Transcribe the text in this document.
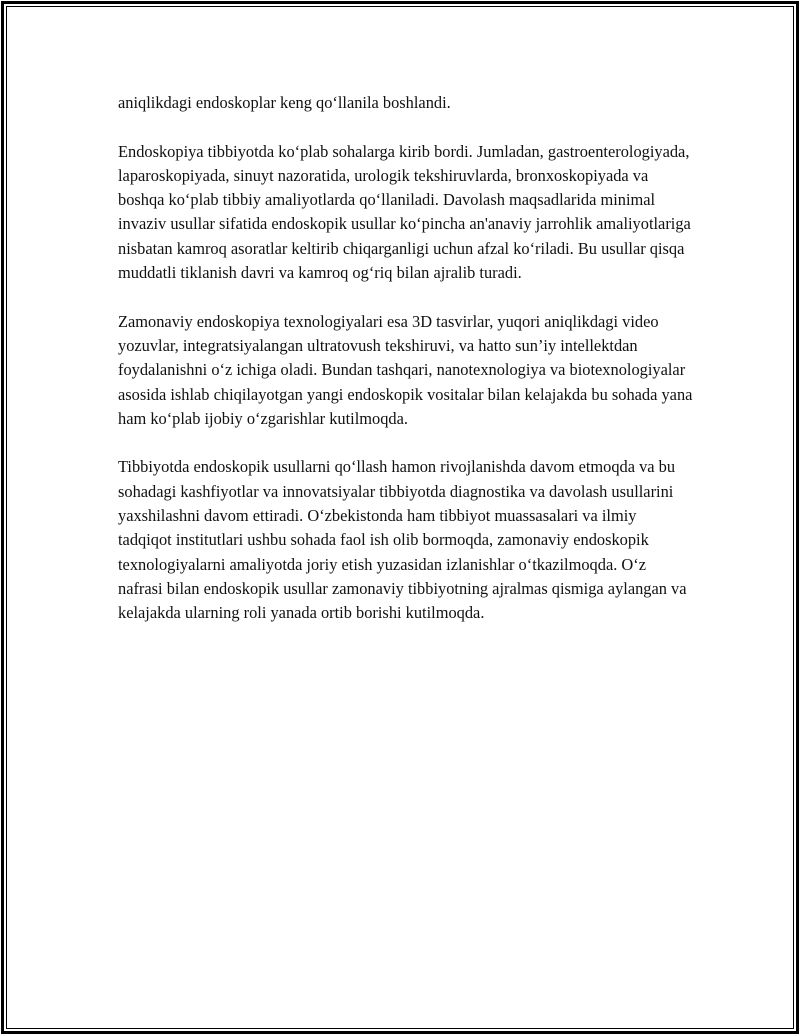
aniqlikdagi endoskoplar keng qo‘llanila boshlandi.

Endoskopiya tibbiyotda ko‘plab sohalarga kirib bordi. Jumladan, gastroenterologiyada, laparoskopiyada, sinuyt nazoratida, urologik tekshiruvlarda, bronxoskopiyada va boshqa ko‘plab tibbiy amaliyotlarda qo‘llaniladi. Davolash maqsadlarida minimal invaziv usullar sifatida endoskopik usullar ko‘pincha an'anaviy jarrohlik amaliyotlariga nisbatan kamroq asoratlar keltirib chiqarganligi uchun afzal ko‘riladi. Bu usullar qisqa muddatli tiklanish davri va kamroq og‘riq bilan ajralib turadi.

Zamonaviy endoskopiya texnologiyalari esa 3D tasvirlar, yuqori aniqlikdagi video yozuvlar, integratsiyalangan ultratovush tekshiruvi, va hatto sun’iy intellektdan foydalanishni o‘z ichiga oladi. Bundan tashqari, nanotexnologiya va biotexnologiyalar asosida ishlab chiqilayotgan yangi endoskopik vositalar bilan kelajakda bu sohada yana ham ko‘plab ijobiy o‘zgarishlar kutilmoqda.

Tibbiyotda endoskopik usullarni qo‘llash hamon rivojlanishda davom etmoqda va bu sohadagi kashfiyotlar va innovatsiyalar tibbiyotda diagnostika va davolash usullarini yaxshilashni davom ettiradi. O‘zbekistonda ham tibbiyot muassasalari va ilmiy tadqiqot institutlari ushbu sohada faol ish olib bormoqda, zamonaviy endoskopik texnologiyalarni amaliyotda joriy etish yuzasidan izlanishlar o‘tkazilmoqda. O‘z nafrasi bilan endoskopik usullar zamonaviy tibbiyotning ajralmas qismiga aylangan va kelajakda ularning roli yanada ortib borishi kutilmoqda.
